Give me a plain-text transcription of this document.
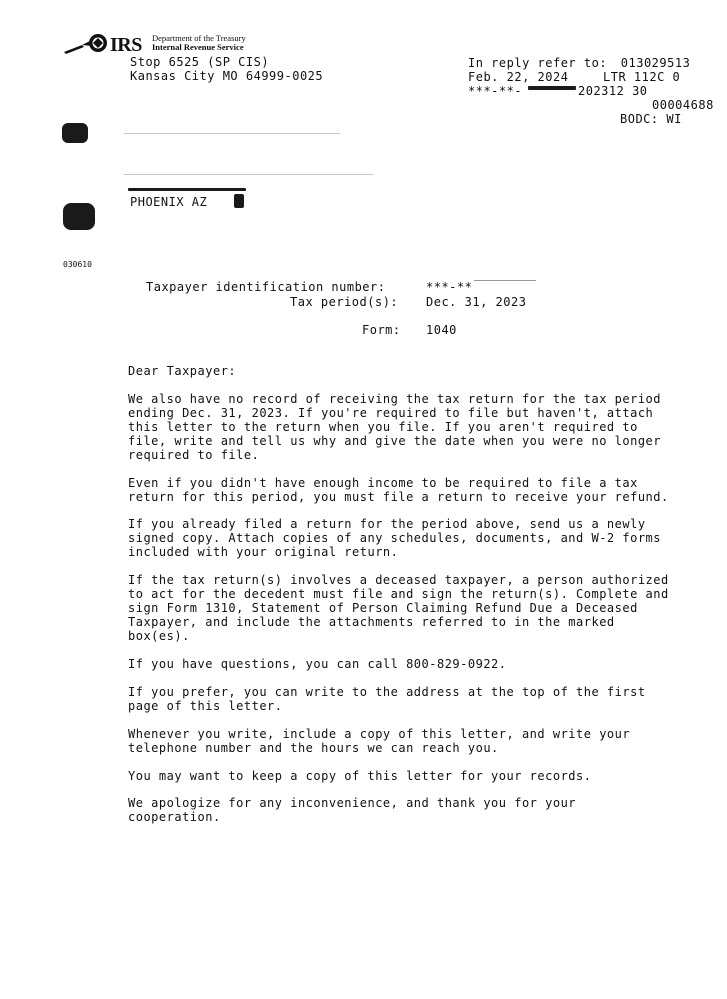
IRS Department of the Treasury
Internal Revenue Service
Stop 6525 (SP CIS)
Kansas City MO 64999-0025
In reply refer to: 013029513
Feb. 22, 2024	LTR 112C 0
***-**-	202312 30
00004688
BODC: WI
PHOENIX AZ
030610
Taxpayer identification number:	***-**
Tax period(s): Dec. 31, 2023
Form: 1040
Dear Taxpayer:
We also have no record of receiving the tax return for the tax period
ending Dec. 31, 2023. If you're required to file but haven't, attach
this letter to the return when you file. If you aren't required to
file, write and tell us why and give the date when you were no longer
required to file.
Even if you didn't have enough income to be required to file a tax
return for this period, you must file a return to receive your refund.
If you already filed a return for the period above, send us a newly
signed copy. Attach copies of any schedules, documents, and W-2 forms
included with your original return.
If the tax return(s) involves a deceased taxpayer, a person authorized
to act for the decedent must file and sign the return(s). Complete and
sign Form 1310, Statement of Person Claiming Refund Due a Deceased
Taxpayer, and include the attachments referred to in the marked
box(es).
If you have questions, you can call 800-829-0922.
If you prefer, you can write to the address at the top of the first
page of this letter.
Whenever you write, include a copy of this letter, and write your
telephone number and the hours we can reach you.
You may want to keep a copy of this letter for your records.
We apologize for any inconvenience, and thank you for your
cooperation.
